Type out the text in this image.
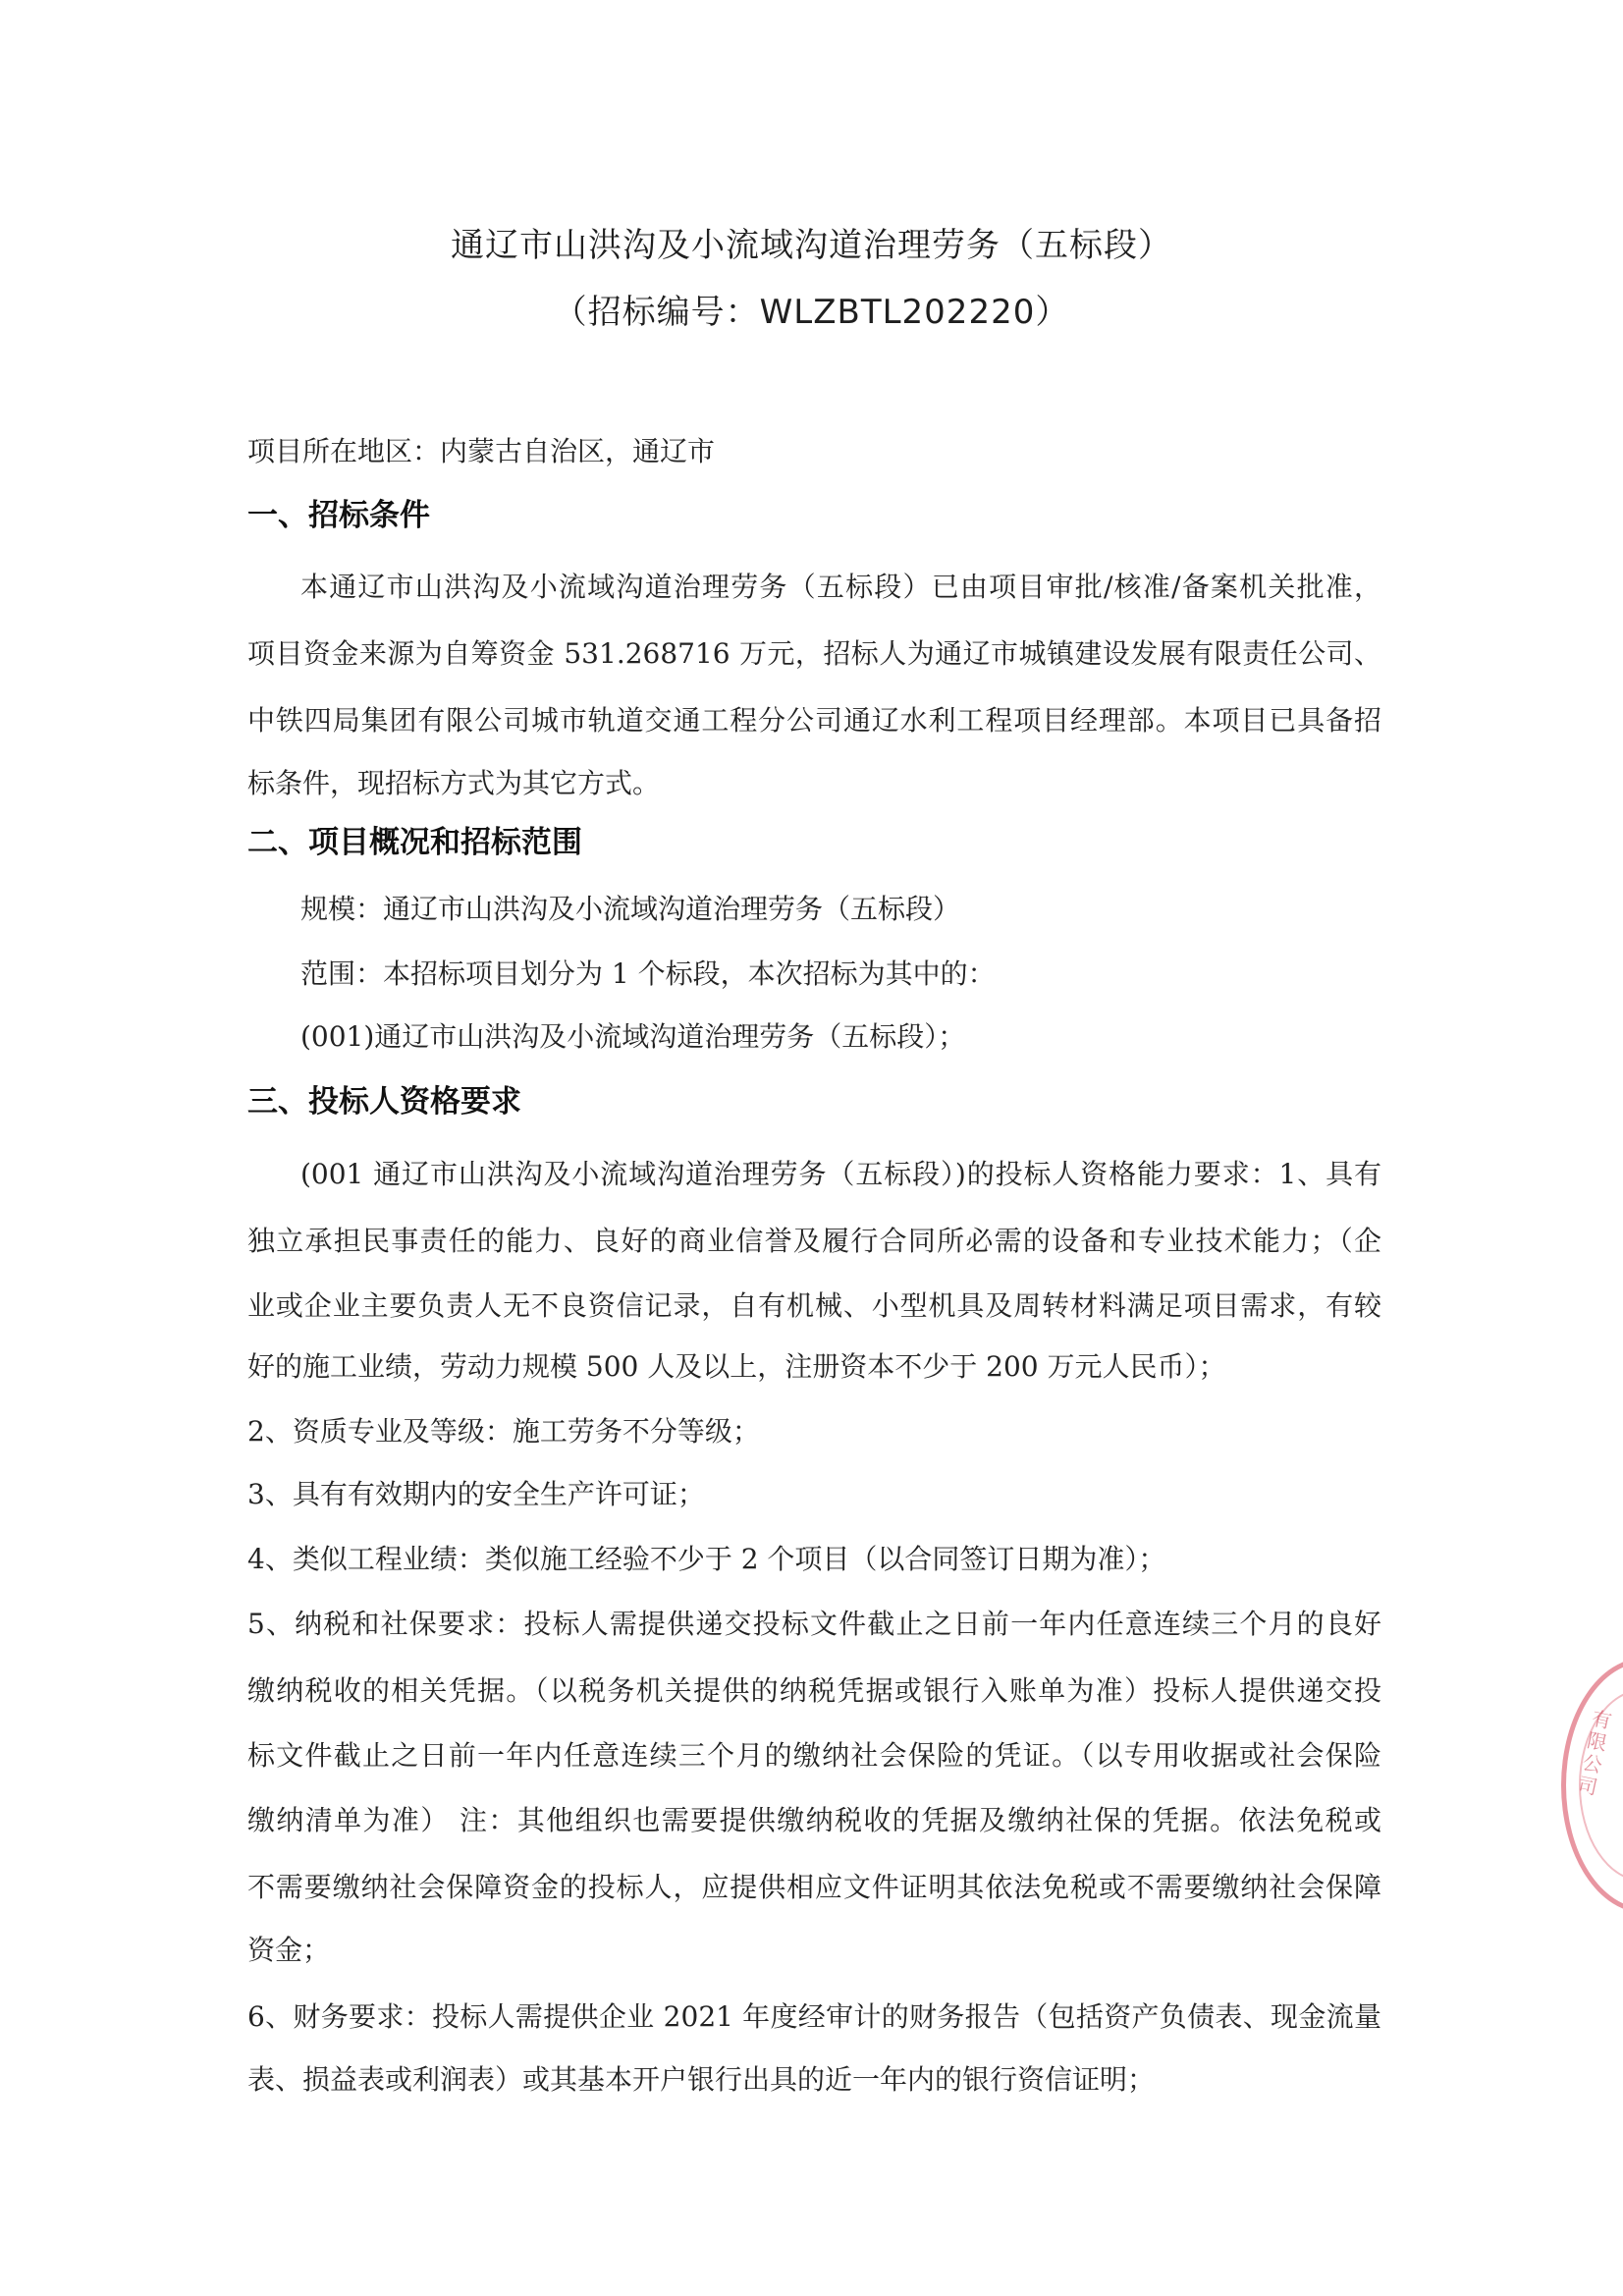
通辽市山洪沟及小流域沟道治理劳务（五标段）
（招标编号：WLZBTL202220）
项目所在地区：内蒙古自治区，通辽市
一、招标条件
本通辽市山洪沟及小流域沟道治理劳务（五标段）已由项目审批/核准/备案机关批准，
项目资金来源为自筹资金 531.268716 万元，招标人为通辽市城镇建设发展有限责任公司、
中铁四局集团有限公司城市轨道交通工程分公司通辽水利工程项目经理部。本项目已具备招
标条件，现招标方式为其它方式。
二、项目概况和招标范围
规模：通辽市山洪沟及小流域沟道治理劳务（五标段）
范围：本招标项目划分为 1 个标段，本次招标为其中的：
(001)通辽市山洪沟及小流域沟道治理劳务（五标段）；
三、投标人资格要求
(001 通辽市山洪沟及小流域沟道治理劳务（五标段）)的投标人资格能力要求：1、具有
独立承担民事责任的能力、良好的商业信誉及履行合同所必需的设备和专业技术能力；（企
业或企业主要负责人无不良资信记录，自有机械、小型机具及周转材料满足项目需求，有较
好的施工业绩，劳动力规模 500 人及以上，注册资本不少于 200 万元人民币）；
2、资质专业及等级：施工劳务不分等级；
3、具有有效期内的安全生产许可证；
4、类似工程业绩：类似施工经验不少于 2 个项目（以合同签订日期为准）；
5、纳税和社保要求：投标人需提供递交投标文件截止之日前一年内任意连续三个月的良好
缴纳税收的相关凭据。（以税务机关提供的纳税凭据或银行入账单为准）投标人提供递交投
标文件截止之日前一年内任意连续三个月的缴纳社会保险的凭证。（以专用收据或社会保险
缴纳清单为准） 注：其他组织也需要提供缴纳税收的凭据及缴纳社保的凭据。依法免税或
不需要缴纳社会保障资金的投标人，应提供相应文件证明其依法免税或不需要缴纳社会保障
资金；
6、财务要求：投标人需提供企业 2021 年度经审计的财务报告（包括资产负债表、现金流量
表、损益表或利润表）或其基本开户银行出具的近一年内的银行资信证明；
有限公司
